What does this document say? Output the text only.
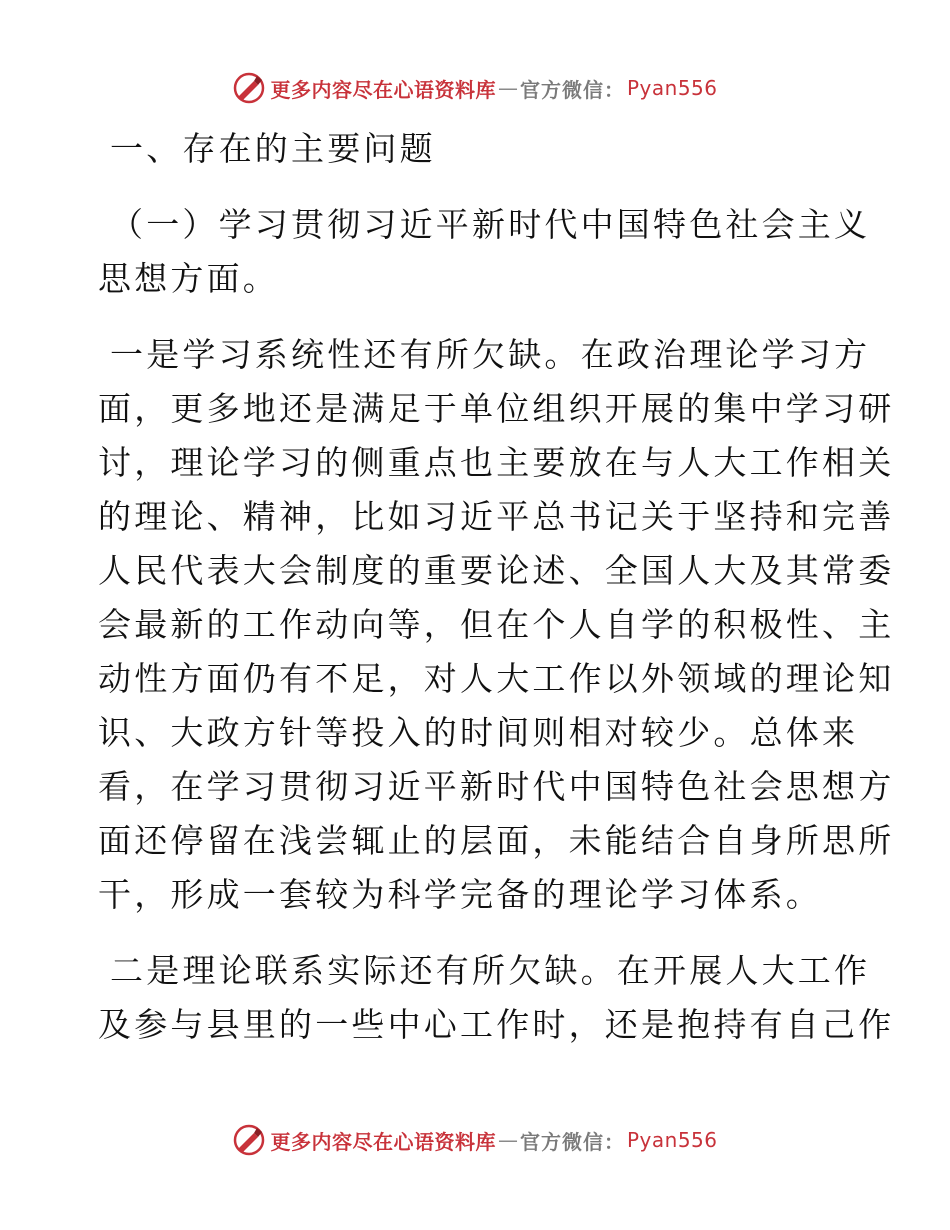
更多内容尽在心语资料库 — 官方微信： Pyan556
一、存在的主要问题
（一）学习贯彻习近平新时代中国特色社会主义
思想方面。
一是学习系统性还有所欠缺。在政治理论学习方
面，更多地还是满足于单位组织开展的集中学习研
讨，理论学习的侧重点也主要放在与人大工作相关
的理论、精神，比如习近平总书记关于坚持和完善
人民代表大会制度的重要论述、全国人大及其常委
会最新的工作动向等，但在个人自学的积极性、主
动性方面仍有不足，对人大工作以外领域的理论知
识、大政方针等投入的时间则相对较少。总体来
看，在学习贯彻习近平新时代中国特色社会思想方
面还停留在浅尝辄止的层面，未能结合自身所思所
干，形成一套较为科学完备的理论学习体系。
二是理论联系实际还有所欠缺。在开展人大工作
及参与县里的一些中心工作时，还是抱持有自己作
更多内容尽在心语资料库 — 官方微信： Pyan556
